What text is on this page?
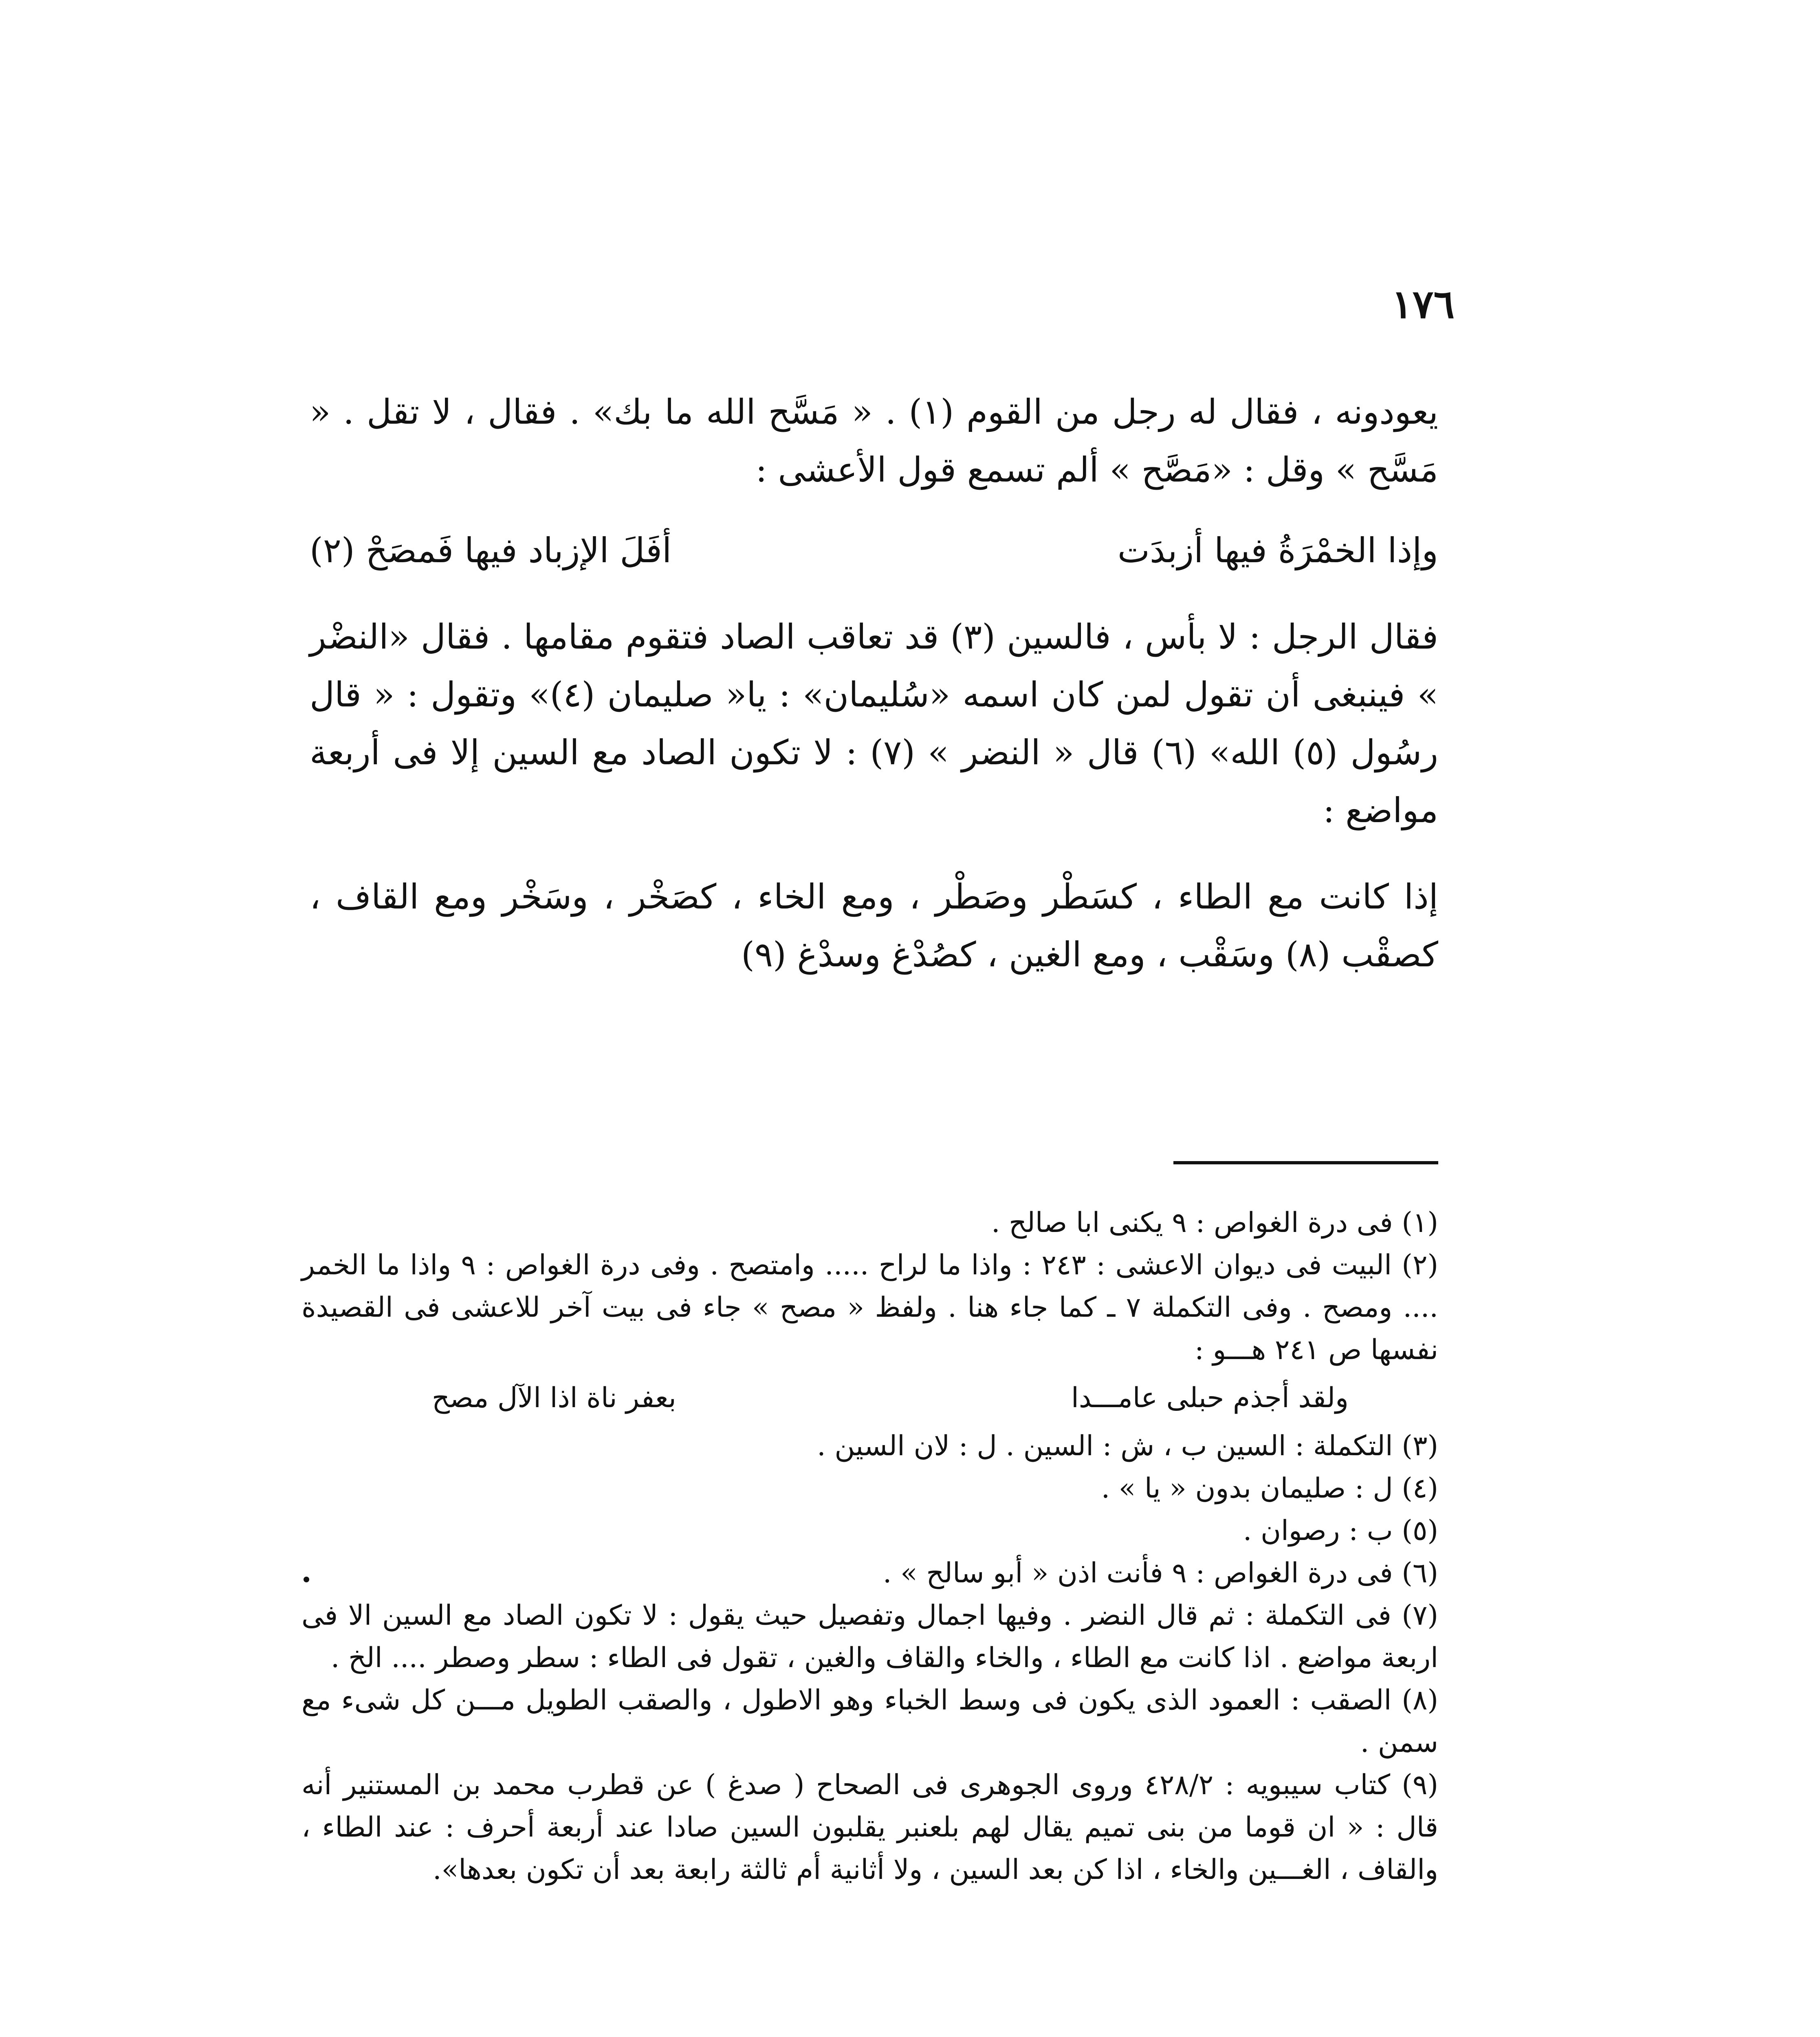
١٧٦

يعودونه ، فقال له رجل من القوم (١) . « مَسَّح الله ما بك» . فقال ، لا تقل . « مَسَّح » وقل : «مَصَّح » ألم تسمع قول الأعشى :

وإذا الخمْرَةُ فيها أزبدَت
أفَلَ الإزباد فيها فَمصَحْ (٢)

فقال الرجل : لا بأس ، فالسين (٣) قد تعاقب الصاد فتقوم مقامها . فقال «النضْر » فينبغى أن تقول لمن كان اسمه «سُليمان» : يا« صليمان (٤)» وتقول : « قال رسُول (٥) الله» (٦) قال « النضر » (٧) : لا تكون الصاد مع السين إلا فى أربعة مواضع :

إذا كانت مع الطاء ، كسَطْر وصَطْر ، ومع الخاء ، كصَخْر ، وسَخْر ومع القاف ، كصقْب (٨) وسَقْب ، ومع الغين ، كصُدْغ وسدْغ (٩)

(١) فى درة الغواص : ٩ يكنى ابا صالح .

(٢) البيت فى ديوان الاعشى : ٢٤٣ : واذا ما لراح ..... وامتصح . وفى درة الغواص : ٩ واذا ما الخمر .... ومصح . وفى التكملة ٧ ـ كما جاء هنا . ولفظ « مصح » جاء فى بيت آخر للاعشى فى القصيدة نفسها ص ٢٤١ هـــو :

ولقد أجذم حبلى عامـــدا
بعفر ناة اذا الآل مصح

(٣) التكملة : السين ب ، ش : السين . ل : لان السين .

(٤) ل : صليمان بدون « يا » .

(٥) ب : رصوان .

(٦) فى درة الغواص : ٩ فأنت اذن « أبو سالح » .

(٧) فى التكملة : ثم قال النضر . وفيها اجمال وتفصيل حيث يقول : لا تكون الصاد مع السين الا فى اربعة مواضع . اذا كانت مع الطاء ، والخاء والقاف والغين ، تقول فى الطاء : سطر وصطر .... الخ .

(٨) الصقب : العمود الذى يكون فى وسط الخباء وهو الاطول ، والصقب الطويل مـــن كل شىء مع سمن .

(٩) كتاب سيبويه : ٤٢٨/٢ وروى الجوهرى فى الصحاح ( صدغ ) عن قطرب محمد بن المستنير أنه قال : « ان قوما من بنى تميم يقال لهم بلعنبر يقلبون السين صادا عند أربعة أحرف : عند الطاء ، والقاف ، الغـــين والخاء ، اذا كن بعد السين ، ولا أثانية أم ثالثة رابعة بعد أن تكون بعدها».
